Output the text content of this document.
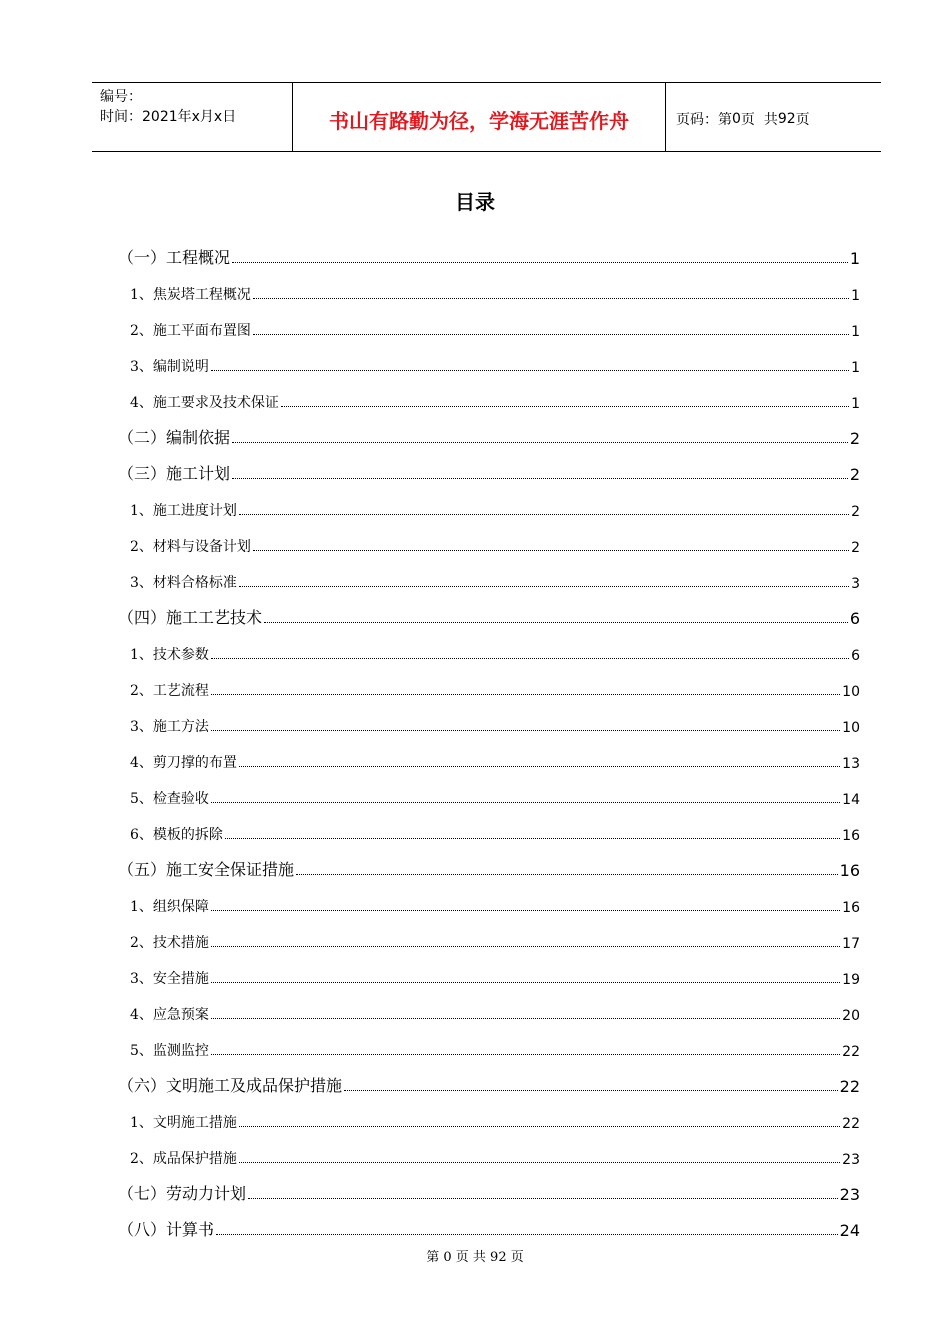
编号：
时间：2021年x月x日	书山有路勤为径，学海无涯苦作舟	页码：第 0 页  共 92 页
目录
（一）工程概况	1
1、焦炭塔工程概况	1
2、施工平面布置图	1
3、编制说明	1
4、施工要求及技术保证	1
（二）编制依据	2
（三）施工计划	2
1、施工进度计划	2
2、材料与设备计划	2
3、材料合格标准	3
（四）施工工艺技术	6
1、技术参数	6
2、工艺流程	10
3、施工方法	10
4、剪刀撑的布置	13
5、检查验收	14
6、模板的拆除	16
（五）施工安全保证措施	16
1、组织保障	16
2、技术措施	17
3、安全措施	19
4、应急预案	20
5、监测监控	22
（六）文明施工及成品保护措施	22
1、文明施工措施	22
2、成品保护措施	23
（七）劳动力计划	23
（八）计算书	24
第 0 页 共 92 页
